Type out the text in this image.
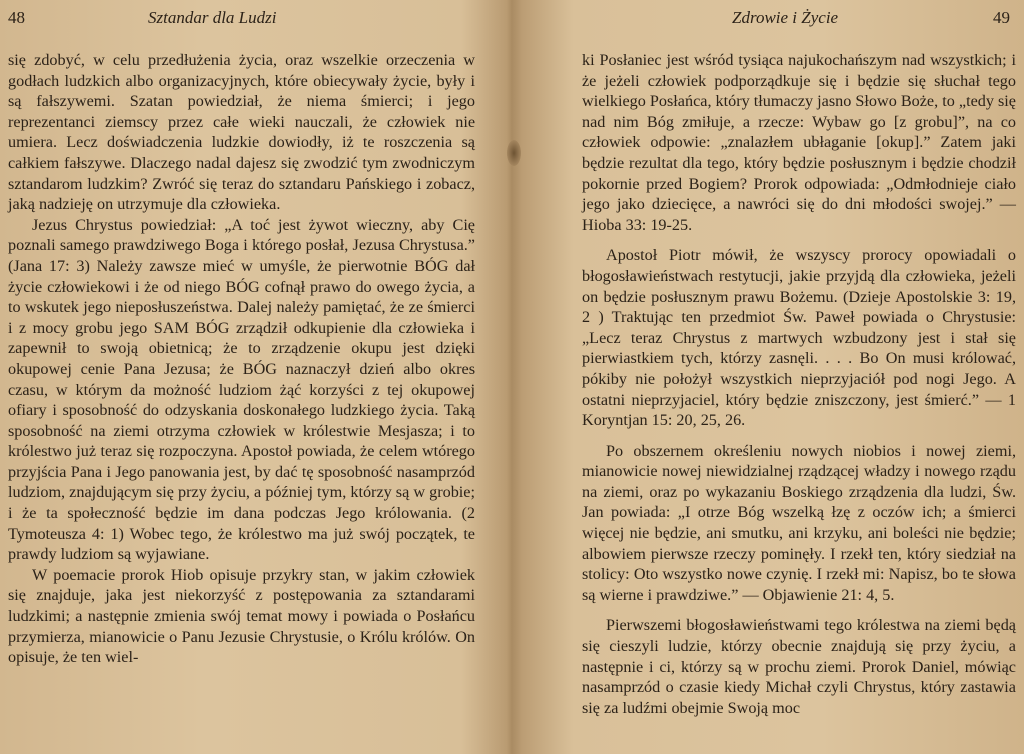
48	Sztandar dla Ludzi

się zdobyć, w celu przedłużenia życia, oraz wszelkie orzeczenia w godłach ludzkich albo organizacyjnych, które obiecywały życie, były i są fałszywemi. Szatan powiedział, że niema śmierci; i jego reprezentanci ziemscy przez całe wieki nauczali, że człowiek nie umiera. Lecz doświadczenia ludzkie dowiodły, iż te roszczenia są całkiem fałszywe. Dlaczego nadal dajesz się zwodzić tym zwodniczym sztandarom ludzkim? Zwróć się teraz do sztandaru Pańskiego i zobacz, jaką nadzieję on utrzymuje dla człowieka.

Jezus Chrystus powiedział: „A toć jest żywot wieczny, aby Cię poznali samego prawdziwego Boga i którego posłał, Jezusa Chrystusa.” (Jana 17: 3) Należy zawsze mieć w umyśle, że pierwotnie BÓG dał życie człowiekowi i że od niego BÓG cofnął prawo do owego życia, a to wskutek jego nieposłuszeństwa. Dalej należy pamiętać, że ze śmierci i z mocy grobu jego SAM BÓG zrządził odkupienie dla człowieka i zapewnił to swoją obietnicą; że to zrządzenie okupu jest dzięki okupowej cenie Pana Jezusa; że BÓG naznaczył dzień albo okres czasu, w którym da możność ludziom żąć korzyści z tej okupowej ofiary i sposobność do odzyskania doskonałego ludzkiego życia. Taką sposobność na ziemi otrzyma człowiek w królestwie Mesjasza; i to królestwo już teraz się rozpoczyna. Apostoł powiada, że celem wtórego przyjścia Pana i Jego panowania jest, by dać tę sposobność nasamprzód ludziom, znajdującym się przy życiu, a później tym, którzy są w grobie; i że ta społeczność będzie im dana podczas Jego królowania. (2 Tymoteusza 4: 1) Wobec tego, że królestwo ma już swój początek, te prawdy ludziom są wyjawiane.

W poemacie prorok Hiob opisuje przykry stan, w jakim człowiek się znajduje, jaka jest niekorzyść z postępowania za sztandarami ludzkimi; a następnie zmienia swój temat mowy i powiada o Posłańcu przymierza, mianowicie o Panu Jezusie Chrystusie, o Królu królów. On opisuje, że ten wiel-

Zdrowie i Życie	49

ki Posłaniec jest wśród tysiąca najukochańszym nad wszystkich; i że jeżeli człowiek podporządkuje się i będzie się słuchał tego wielkiego Posłańca, który tłumaczy jasno Słowo Boże, to „tedy się nad nim Bóg zmiłuje, a rzecze: Wybaw go [z grobu]”, na co człowiek odpowie: „znalazłem ubłaganie [okup].” Zatem jaki będzie rezultat dla tego, który będzie posłusznym i będzie chodził pokornie przed Bogiem? Prorok odpowiada: „Odmłodnieje ciało jego jako dziecięce, a nawróci się do dni młodości swojej.” — Hioba 33: 19-25.

Apostoł Piotr mówił, że wszyscy prorocy opowiadali o błogosławieństwach restytucji, jakie przyjdą dla człowieka, jeżeli on będzie posłusznym prawu Bożemu. (Dzieje Apostolskie 3: 19, 2 ) Traktując ten przedmiot Św. Paweł powiada o Chrystusie: „Lecz teraz Chrystus z martwych wzbudzony jest i stał się pierwiastkiem tych, którzy zasnęli. . . . Bo On musi królować, pókiby nie położył wszystkich nieprzyjaciół pod nogi Jego. A ostatni nieprzyjaciel, który będzie zniszczony, jest śmierć.” — 1 Koryntjan 15: 20, 25, 26.

Po obszernem określeniu nowych niobios i nowej ziemi, mianowicie nowej niewidzialnej rządzącej władzy i nowego rządu na ziemi, oraz po wykazaniu Boskiego zrządzenia dla ludzi, Św. Jan powiada: „I otrze Bóg wszelką łzę z oczów ich; a śmierci więcej nie będzie, ani smutku, ani krzyku, ani boleści nie będzie; albowiem pierwsze rzeczy pominęły. I rzekł ten, który siedział na stolicy: Oto wszystko nowe czynię. I rzekł mi: Napisz, bo te słowa są wierne i prawdziwe.” — Objawienie 21: 4, 5.

Pierwszemi błogosławieństwami tego królestwa na ziemi będą się cieszyli ludzie, którzy obecnie znajdują się przy życiu, a następnie i ci, którzy są w prochu ziemi. Prorok Daniel, mówiąc nasamprzód o czasie kiedy Michał czyli Chrystus, który zastawia się za ludźmi obejmie Swoją moc
